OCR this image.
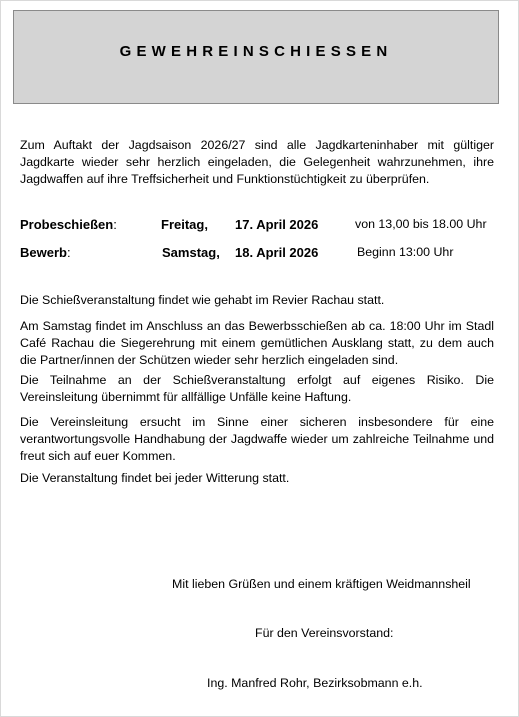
GEWEHREINSCHIESSEN
Zum Auftakt der Jagdsaison 2026/27 sind alle Jagdkarteninhaber mit gültiger Jagdkarte wieder sehr herzlich eingeladen, die Gelegenheit wahrzunehmen, ihre Jagdwaffen auf ihre Treffsicherheit und Funktionstüchtigkeit zu überprüfen.
Probeschießen:	Freitag, 17. April 2026	von 13,00 bis 18.00 Uhr
Bewerb:	Samstag, 18. April 2026	Beginn 13:00 Uhr
Die Schießveranstaltung findet wie gehabt im Revier Rachau statt.
Am Samstag findet im Anschluss an das Bewerbsschießen ab ca. 18:00 Uhr im Stadl Café Rachau die Siegerehrung mit einem gemütlichen Ausklang statt, zu dem auch die Partner/innen der Schützen wieder sehr herzlich eingeladen sind.
Die Teilnahme an der Schießveranstaltung erfolgt auf eigenes Risiko. Die Vereinsleitung übernimmt für allfällige Unfälle keine Haftung.
Die Vereinsleitung ersucht im Sinne einer sicheren insbesondere für eine verantwortungsvolle Handhabung der Jagdwaffe wieder um zahlreiche Teilnahme und freut sich auf euer Kommen.
Die Veranstaltung findet bei jeder Witterung statt.
Mit lieben Grüßen und einem kräftigen Weidmannsheil
Für den Vereinsvorstand:
Ing. Manfred Rohr, Bezirksobmann e.h.
